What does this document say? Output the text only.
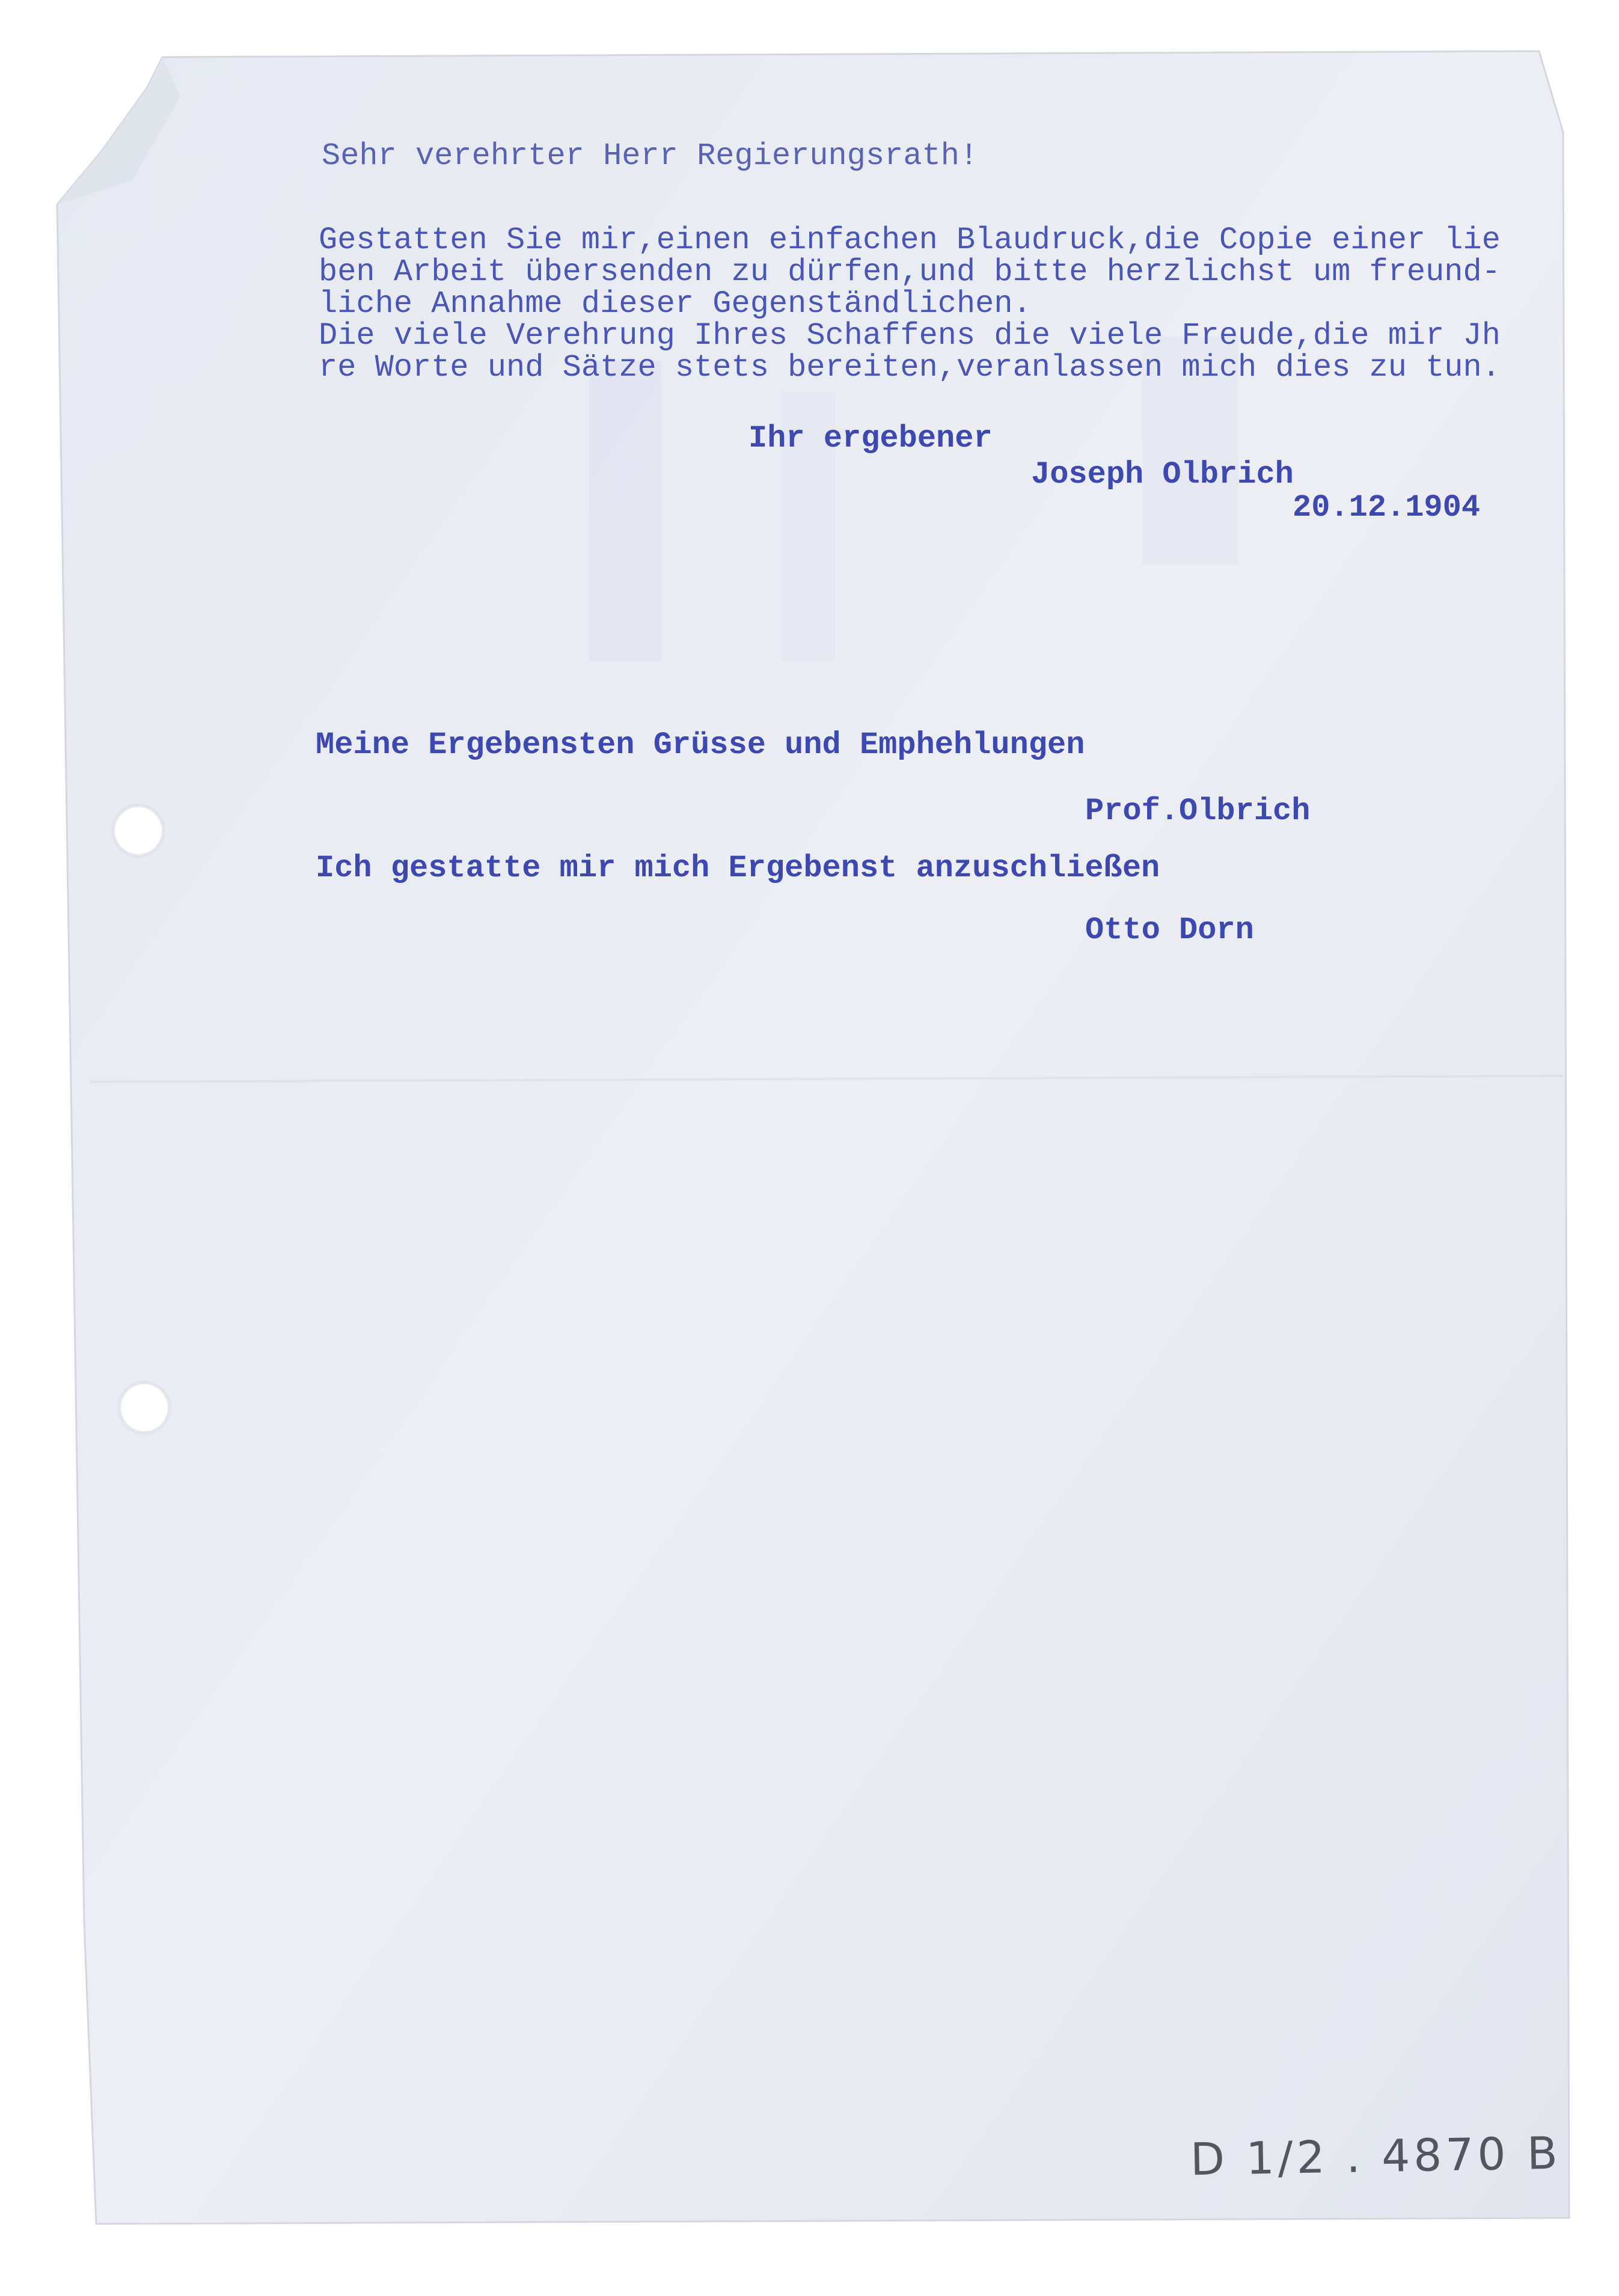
Sehr verehrter Herr Regierungsrath!

Gestatten Sie mir,einen einfachen Blaudruck,die Copie einer lie

ben Arbeit übersenden zu dürfen,und bitte herzlichst um freund-

liche Annahme dieser Gegenständlichen.

Die viele Verehrung Ihres Schaffens die viele Freude,die mir Jh

re Worte und Sätze stets bereiten,veranlassen mich dies zu tun.

Ihr ergebener

Joseph Olbrich

20.12.1904

Meine Ergebensten Grüsse und Emphehlungen

Prof.Olbrich

Ich gestatte mir mich Ergebenst anzuschließen

Otto Dorn

D 1/2 . 4870 B
